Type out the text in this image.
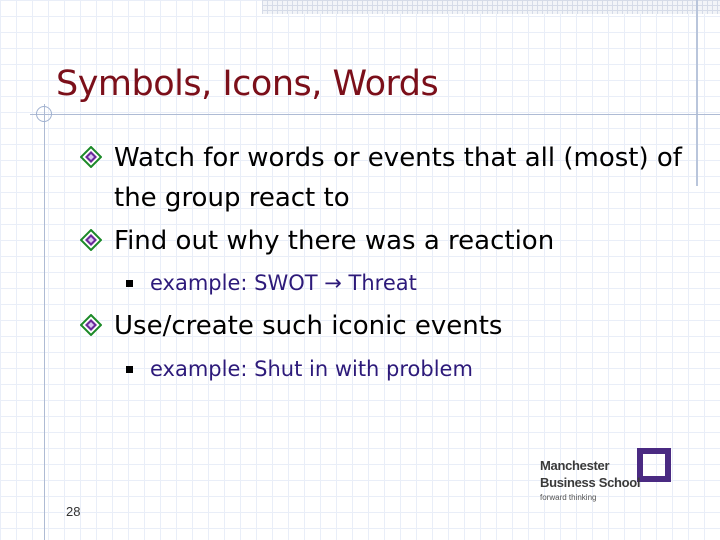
Symbols, Icons, Words
Watch for words or events that all (most) of the group react to
Find out why there was a reaction
example: SWOT → Threat
Use/create such iconic events
example: Shut in with problem
28
Manchester
Business School
forward thinking
